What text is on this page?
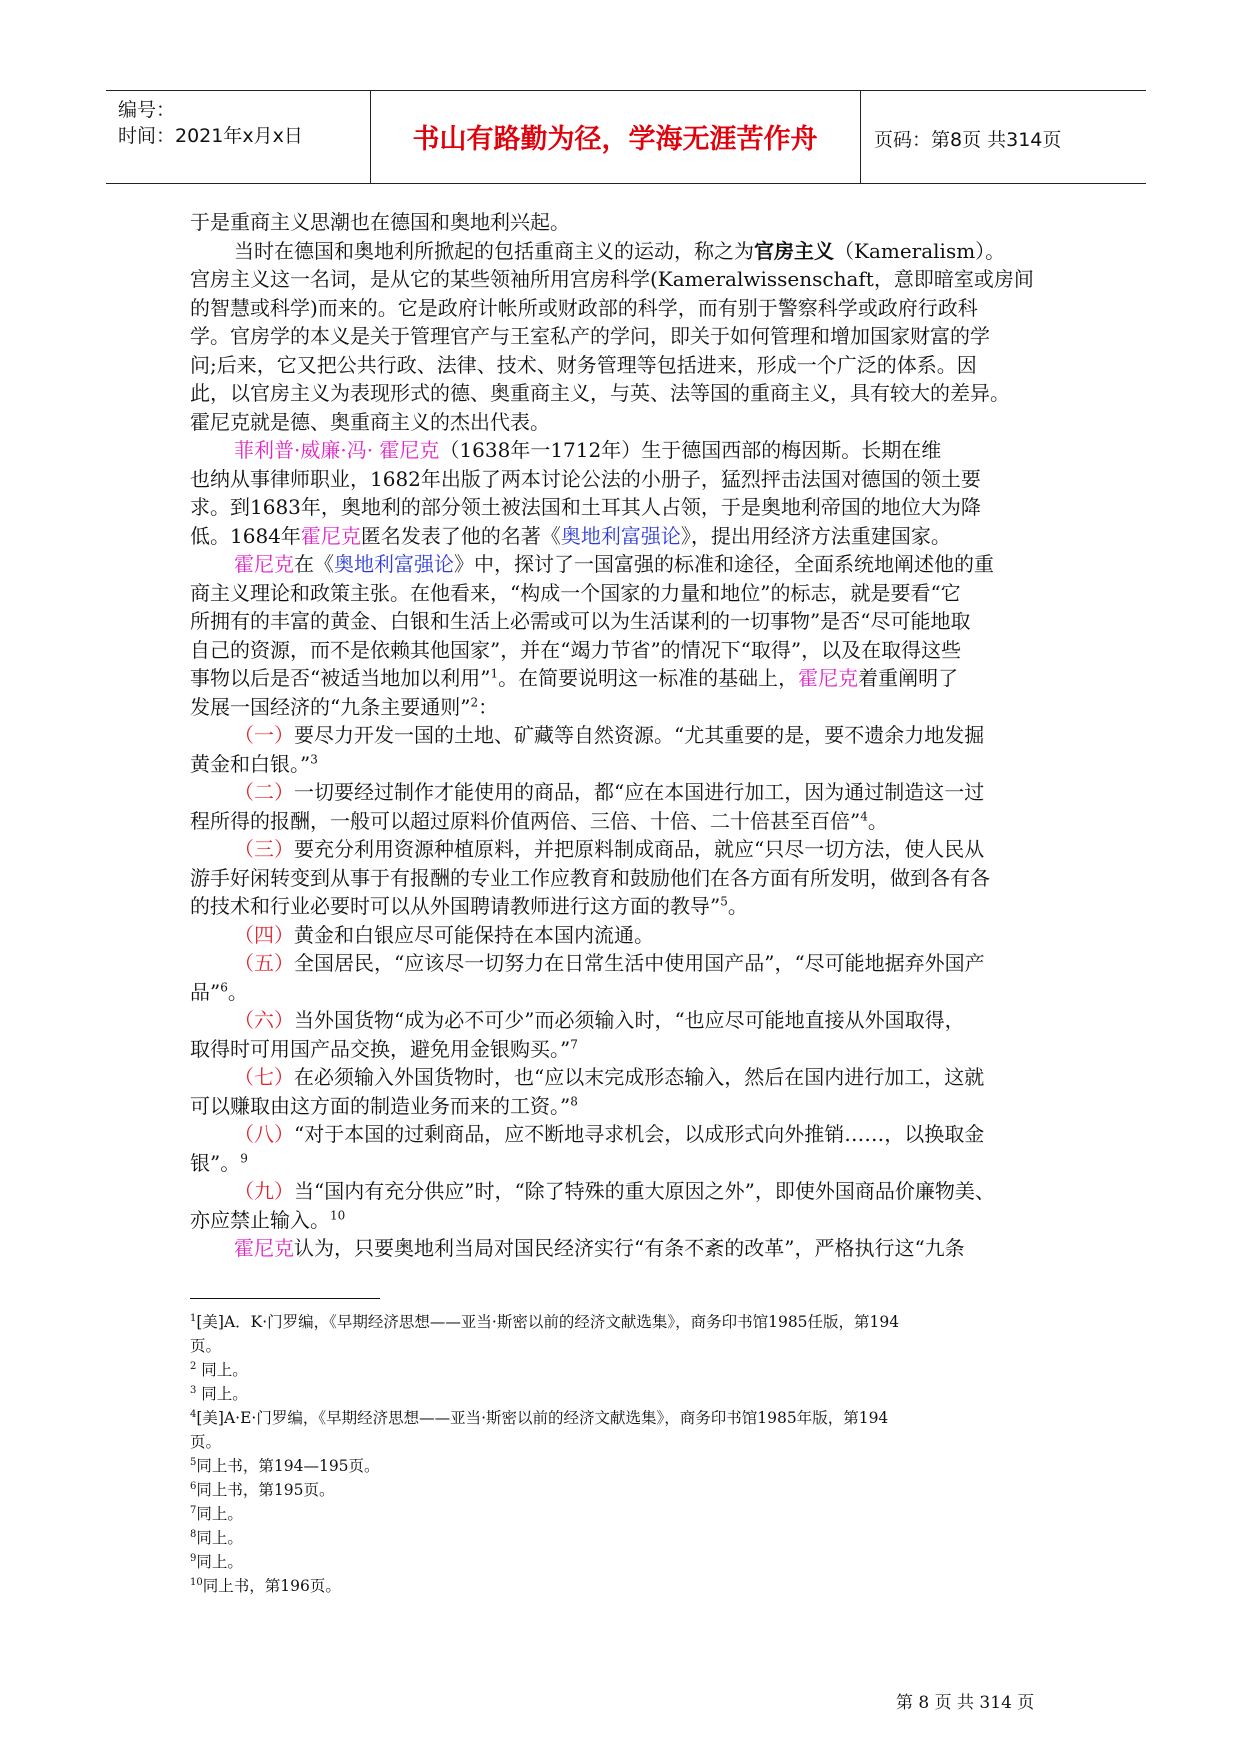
编号：
时间：2021年x月x日	书山有路勤为径，学海无涯苦作舟	页码：第8页 共314页

于是重商主义思潮也在德国和奥地利兴起。

当时在德国和奥地利所掀起的包括重商主义的运动，称之为官房主义（Kameralism）。

宫房主义这一名词，是从它的某些领袖所用宫房科学(Kameralwissenschaft，意即暗室或房间

的智慧或科学)而来的。它是政府计帐所或财政部的科学，而有别于警察科学或政府行政科

学。官房学的本义是关于管理官产与王室私产的学问，即关于如何管理和增加国家财富的学

问;后来，它又把公共行政、法律、技术、财务管理等包括进来，形成一个广泛的体系。因

此，以官房主义为表现形式的德、奥重商主义，与英、法等国的重商主义，具有较大的差异。

霍尼克就是德、奥重商主义的杰出代表。

菲利普·威廉·冯· 霍尼克（1638年一1712年）生于德国西部的梅因斯。长期在维

也纳从事律师职业，1682年出版了两本讨论公法的小册子，猛烈抨击法国对德国的领土要

求。到1683年，奥地利的部分领土被法国和土耳其人占领，于是奥地利帝国的地位大为降

低。1684年霍尼克匿名发表了他的名著《奥地利富强论》，提出用经济方法重建国家。

霍尼克在《奥地利富强论》中，探讨了一国富强的标准和途径，全面系统地阐述他的重

商主义理论和政策主张。在他看来，“构成一个国家的力量和地位”的标志，就是要看“它

所拥有的丰富的黄金、白银和生活上必需或可以为生活谋利的一切事物”是否“尽可能地取

自己的资源，而不是依赖其他国家”，并在“竭力节省”的情况下“取得”，以及在取得这些

事物以后是否“被适当地加以利用”$^1$。在简要说明这一标准的基础上，霍尼克着重阐明了

发展一国经济的“九条主要通则”$^2$：

（一）要尽力开发一国的土地、矿藏等自然资源。“尤其重要的是，要不遗余力地发掘

黄金和白银。”$^3$

（二）一切要经过制作才能使用的商品，都“应在本国进行加工，因为通过制造这一过

程所得的报酬，一般可以超过原料价值两倍、三倍、十倍、二十倍甚至百倍”$^4$。

（三）要充分利用资源种植原料，并把原料制成商品，就应“只尽一切方法，使人民从

游手好闲转变到从事于有报酬的专业工作应教育和鼓励他们在各方面有所发明，做到各有各

的技术和行业必要时可以从外国聘请教师进行这方面的教导”$^5$。

（四）黄金和白银应尽可能保持在本国内流通。

（五）全国居民，“应该尽一切努力在日常生活中使用国产品”，“尽可能地据弃外国产

品”$^6$。

（六）当外国货物“成为必不可少”而必须输入时，“也应尽可能地直接从外国取得，

取得时可用国产品交换，避免用金银购买。”$^7$

（七）在必须输入外国货物时，也“应以末完成形态输入，然后在国内进行加工，这就

可以赚取由这方面的制造业务而来的工资。”$^8$

（八）“对于本国的过剩商品，应不断地寻求机会，以成形式向外推销……，以换取金

银”。$^9$

（九）当“国内有充分供应”时，“除了特殊的重大原因之外”，即使外国商品价廉物美、

亦应禁止输入。$^{10}$

霍尼克认为，只要奥地利当局对国民经济实行“有条不紊的改革”，严格执行这“九条

$^1$[美]A．K·门罗编，《早期经济思想——亚当·斯密以前的经济文献选集》，商务印书馆1985任版，第194

页。

$^2$ 同上。

$^3$ 同上。

$^4$[美]A·E·门罗编，《早期经济思想——亚当·斯密以前的经济文献选集》，商务印书馆1985年版，第194

页。

$^5$同上书，第194—195页。

$^6$同上书，第195页。

$^7$同上。

$^8$同上。

$^9$同上。

$^{10}$同上书，第196页。

第 8 页 共 314 页
